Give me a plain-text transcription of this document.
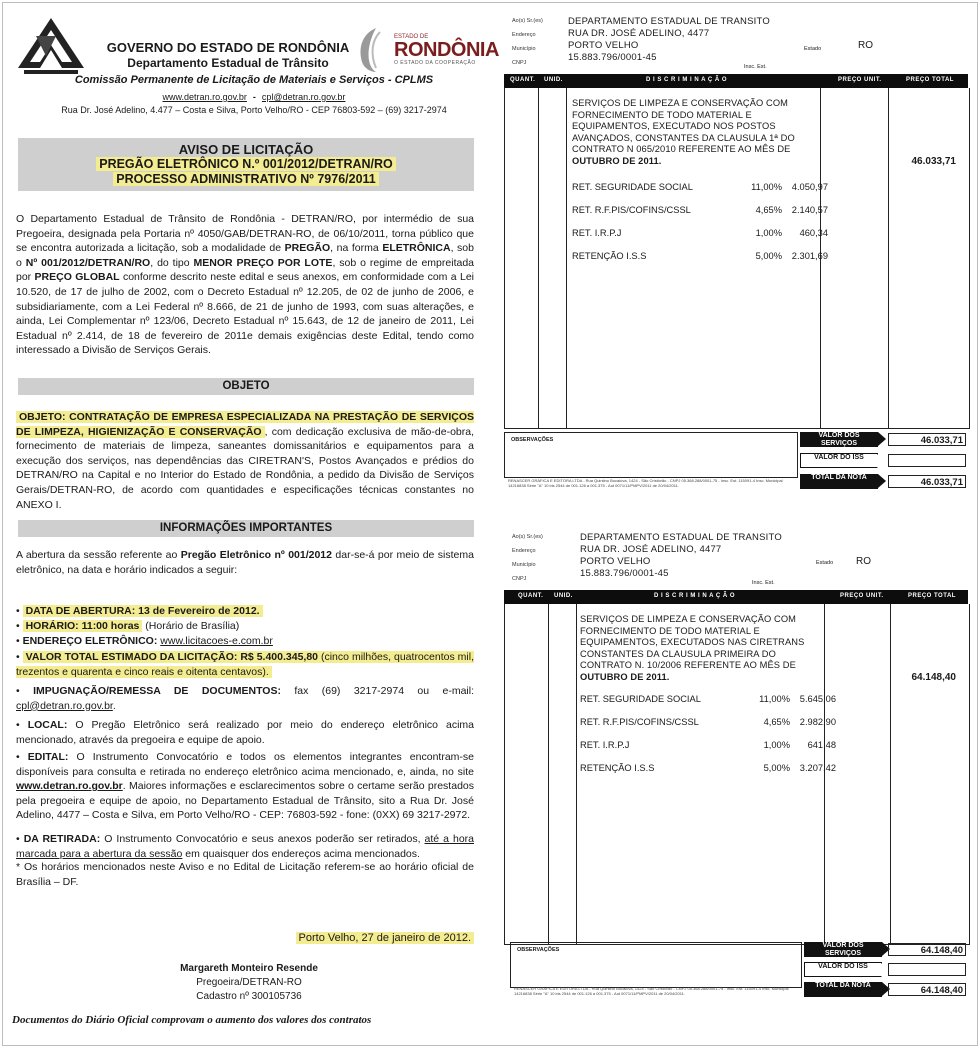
GOVERNO DO ESTADO DE RONDÔNIA
Departamento Estadual de Trânsito
ESTADO DE
RONDÔNIA
O ESTADO DA COOPERAÇÃO
Comissão Permanente de Licitação de Materiais e Serviços - CPLMS
www.detran.ro.gov.br - cpl@detran.ro.gov.br
Rua Dr. José Adelino, 4.477 – Costa e Silva, Porto Velho/RO - CEP 76803-592 – (69) 3217-2974
AVISO DE LICITAÇÃO
PREGÃO ELETRÔNICO N.º 001/2012/DETRAN/RO
PROCESSO ADMINISTRATIVO Nº 7976/2011
O Departamento Estadual de Trânsito de Rondônia - DETRAN/RO, por intermédio de sua Pregoeira, designada pela Portaria nº 4050/GAB/DETRAN-RO, de 06/10/2011, torna público que se encontra autorizada a licitação, sob a modalidade de PREGÃO, na forma ELETRÔNICA, sob o Nº 001/2012/DETRAN/RO, do tipo MENOR PREÇO POR LOTE, sob o regime de empreitada por PREÇO GLOBAL conforme descrito neste edital e seus anexos, em conformidade com a Lei 10.520, de 17 de julho de 2002, com o Decreto Estadual nº 12.205, de 02 de junho de 2006, e subsidiariamente, com a Lei Federal nº 8.666, de 21 de junho de 1993, com suas alterações, e ainda, Lei Complementar nº 123/06, Decreto Estadual nº 15.643, de 12 de janeiro de 2011, Lei Estadual nº 2.414, de 18 de fevereiro de 2011e demais exigências deste Edital, tendo como interessado a Divisão de Serviços Gerais.
OBJETO
OBJETO: CONTRATAÇÃO DE EMPRESA ESPECIALIZADA NA PRESTAÇÃO DE SERVIÇOS DE LIMPEZA, HIGIENIZAÇÃO E CONSERVAÇÃO , com dedicação exclusiva de mão-de-obra, fornecimento de materiais de limpeza, saneantes domissanitários e equipamentos para a execução dos serviços, nas dependências das CIRETRAN'S, Postos Avançados e prédios do DETRAN/RO na Capital e no Interior do Estado de Rondônia, a pedido da Divisão de Serviços Gerais/DETRAN-RO, de acordo com quantidades e especificações técnicas constantes no ANEXO I.
INFORMAÇÕES IMPORTANTES
A abertura da sessão referente ao Pregão Eletrônico nº 001/2012 dar-se-á por meio de sistema eletrônico, na data e horário indicados a seguir:
• DATA DE ABERTURA: 13 de Fevereiro de 2012.
• HORÁRIO: 11:00 horas (Horário de Brasília)
• ENDEREÇO ELETRÔNICO: www.licitacoes-e.com.br
• VALOR TOTAL ESTIMADO DA LICITAÇÃO: R$ 5.400.345,80 (cinco milhões, quatrocentos mil, trezentos e quarenta e cinco reais e oitenta centavos).
• IMPUGNAÇÃO/REMESSA DE DOCUMENTOS: fax (69) 3217-2974 ou e-mail: cpl@detran.ro.gov.br.
• LOCAL: O Pregão Eletrônico será realizado por meio do endereço eletrônico acima mencionado, através da pregoeira e equipe de apoio.
• EDITAL: O Instrumento Convocatório e todos os elementos integrantes encontram-se disponíveis para consulta e retirada no endereço eletrônico acima mencionado, e, ainda, no site www.detran.ro.gov.br. Maiores informações e esclarecimentos sobre o certame serão prestados pela pregoeira e equipe de apoio, no Departamento Estadual de Trânsito, sito a Rua Dr. José Adelino, 4477 – Costa e Silva, em Porto Velho/RO - CEP: 76803-592 - fone: (0XX) 69 3217-2972.
• DA RETIRADA: O Instrumento Convocatório e seus anexos poderão ser retirados, até a hora marcada para a abertura da sessão em quaisquer dos endereços acima mencionados.
* Os horários mencionados neste Aviso e no Edital de Licitação referem-se ao horário oficial de Brasília – DF.
Porto Velho, 27 de janeiro de 2012.
Margareth Monteiro Resende
Pregoeira/DETRAN-RO
Cadastro nº 300105736
Documentos do Diário Oficial comprovam o aumento dos valores dos contratos
Ao(s) Sr.(es)	DEPARTAMENTO ESTADUAL DE TRANSITO
Endereço	RUA DR. JOSÉ ADELINO, 4477
Município	PORTO VELHO
CNPJ	15.883.796/0001-45
Estado	RO
Insc. Est.
QUANT. UNID.	D I S C R I M I N A Ç Ã O	PREÇO UNIT.	PREÇO TOTAL
SERVIÇOS DE LIMPEZA E CONSERVAÇÃO COM FORNECIMENTO DE TODO MATERIAL E EQUIPAMENTOS, EXECUTADO NOS POSTOS AVANÇADOS, CONSTANTES DA CLAUSULA 1ª DO CONTRATO N 065/2010 REFERENTE AO MÊS DE OUTUBRO DE 2011.	46.033,71
RET. SEGURIDADE SOCIAL	11,00%	4.050,97
RET. R.F.PIS/COFINS/CSSL	4,65%	2.140,57
RET. I.R.P.J	1,00%	460,34
RETENÇÃO I.S.S	5,00%	2.301,69
OBSERVAÇÕES
RENASCER GRÁFICA E EDITORA LTDA - Rua Quintino Bocaiúva, 1424 - São Cristóvão - CNPJ 05.368.288/0001-75 - Insc. Est. 115091-4 Insc. Municipal 14216838 Série "A" 10 bis 2544 de 001.126 a 001.375 - Aut 0071/11/PMPV/2011 de 20/04/2011.
VALOR DOS SERVIÇOS	46.033,71
VALOR DO ISS
TOTAL DA NOTA	46.033,71
Ao(s) Sr.(es)	DEPARTAMENTO ESTADUAL DE TRANSITO
Endereço	RUA DR. JOSÉ ADELINO, 4477
Município	PORTO VELHO
CNPJ	15.883.796/0001-45
Estado RO
Insc. Est.
QUANT. UNID.	D I S C R I M I N A Ç Ã O	PREÇO UNIT.	PREÇO TOTAL
SERVIÇOS DE LIMPEZA E CONSERVAÇÃO COM FORNECIMENTO DE TODO MATERIAL E EQUIPAMENTOS, EXECUTADOS NAS CIRETRANS CONSTANTES DA CLAUSULA PRIMEIRA DO CONTRATO N. 10/2006 REFERENTE AO MÊS DE OUTUBRO DE 2011.	64.148,40
RET. SEGURIDADE SOCIAL	11,00%	5.645,06
RET. R.F.PIS/COFINS/CSSL	4,65%	2.982,90
RET. I.R.P.J	1,00%	641,48
RETENÇÃO I.S.S	5,00%	3.207,42
OBSERVAÇÕES
RENASCER GRÁFICA E EDITORA LTDA - Rua Quintino Bocaiúva, 1424 - São Cristóvão - CNPJ 05.368.288/0001-75 - Insc. Est. 115091-4 Insc. Municipal 14216838 Série "A" 10 bis 2544 de 001.126 a 001.375 - Aut 0071/11/PMPV/2011 de 20/04/2011.
VALOR DOS SERVIÇOS	64.148,40
VALOR DO ISS
TOTAL DA NOTA	64.148,40
